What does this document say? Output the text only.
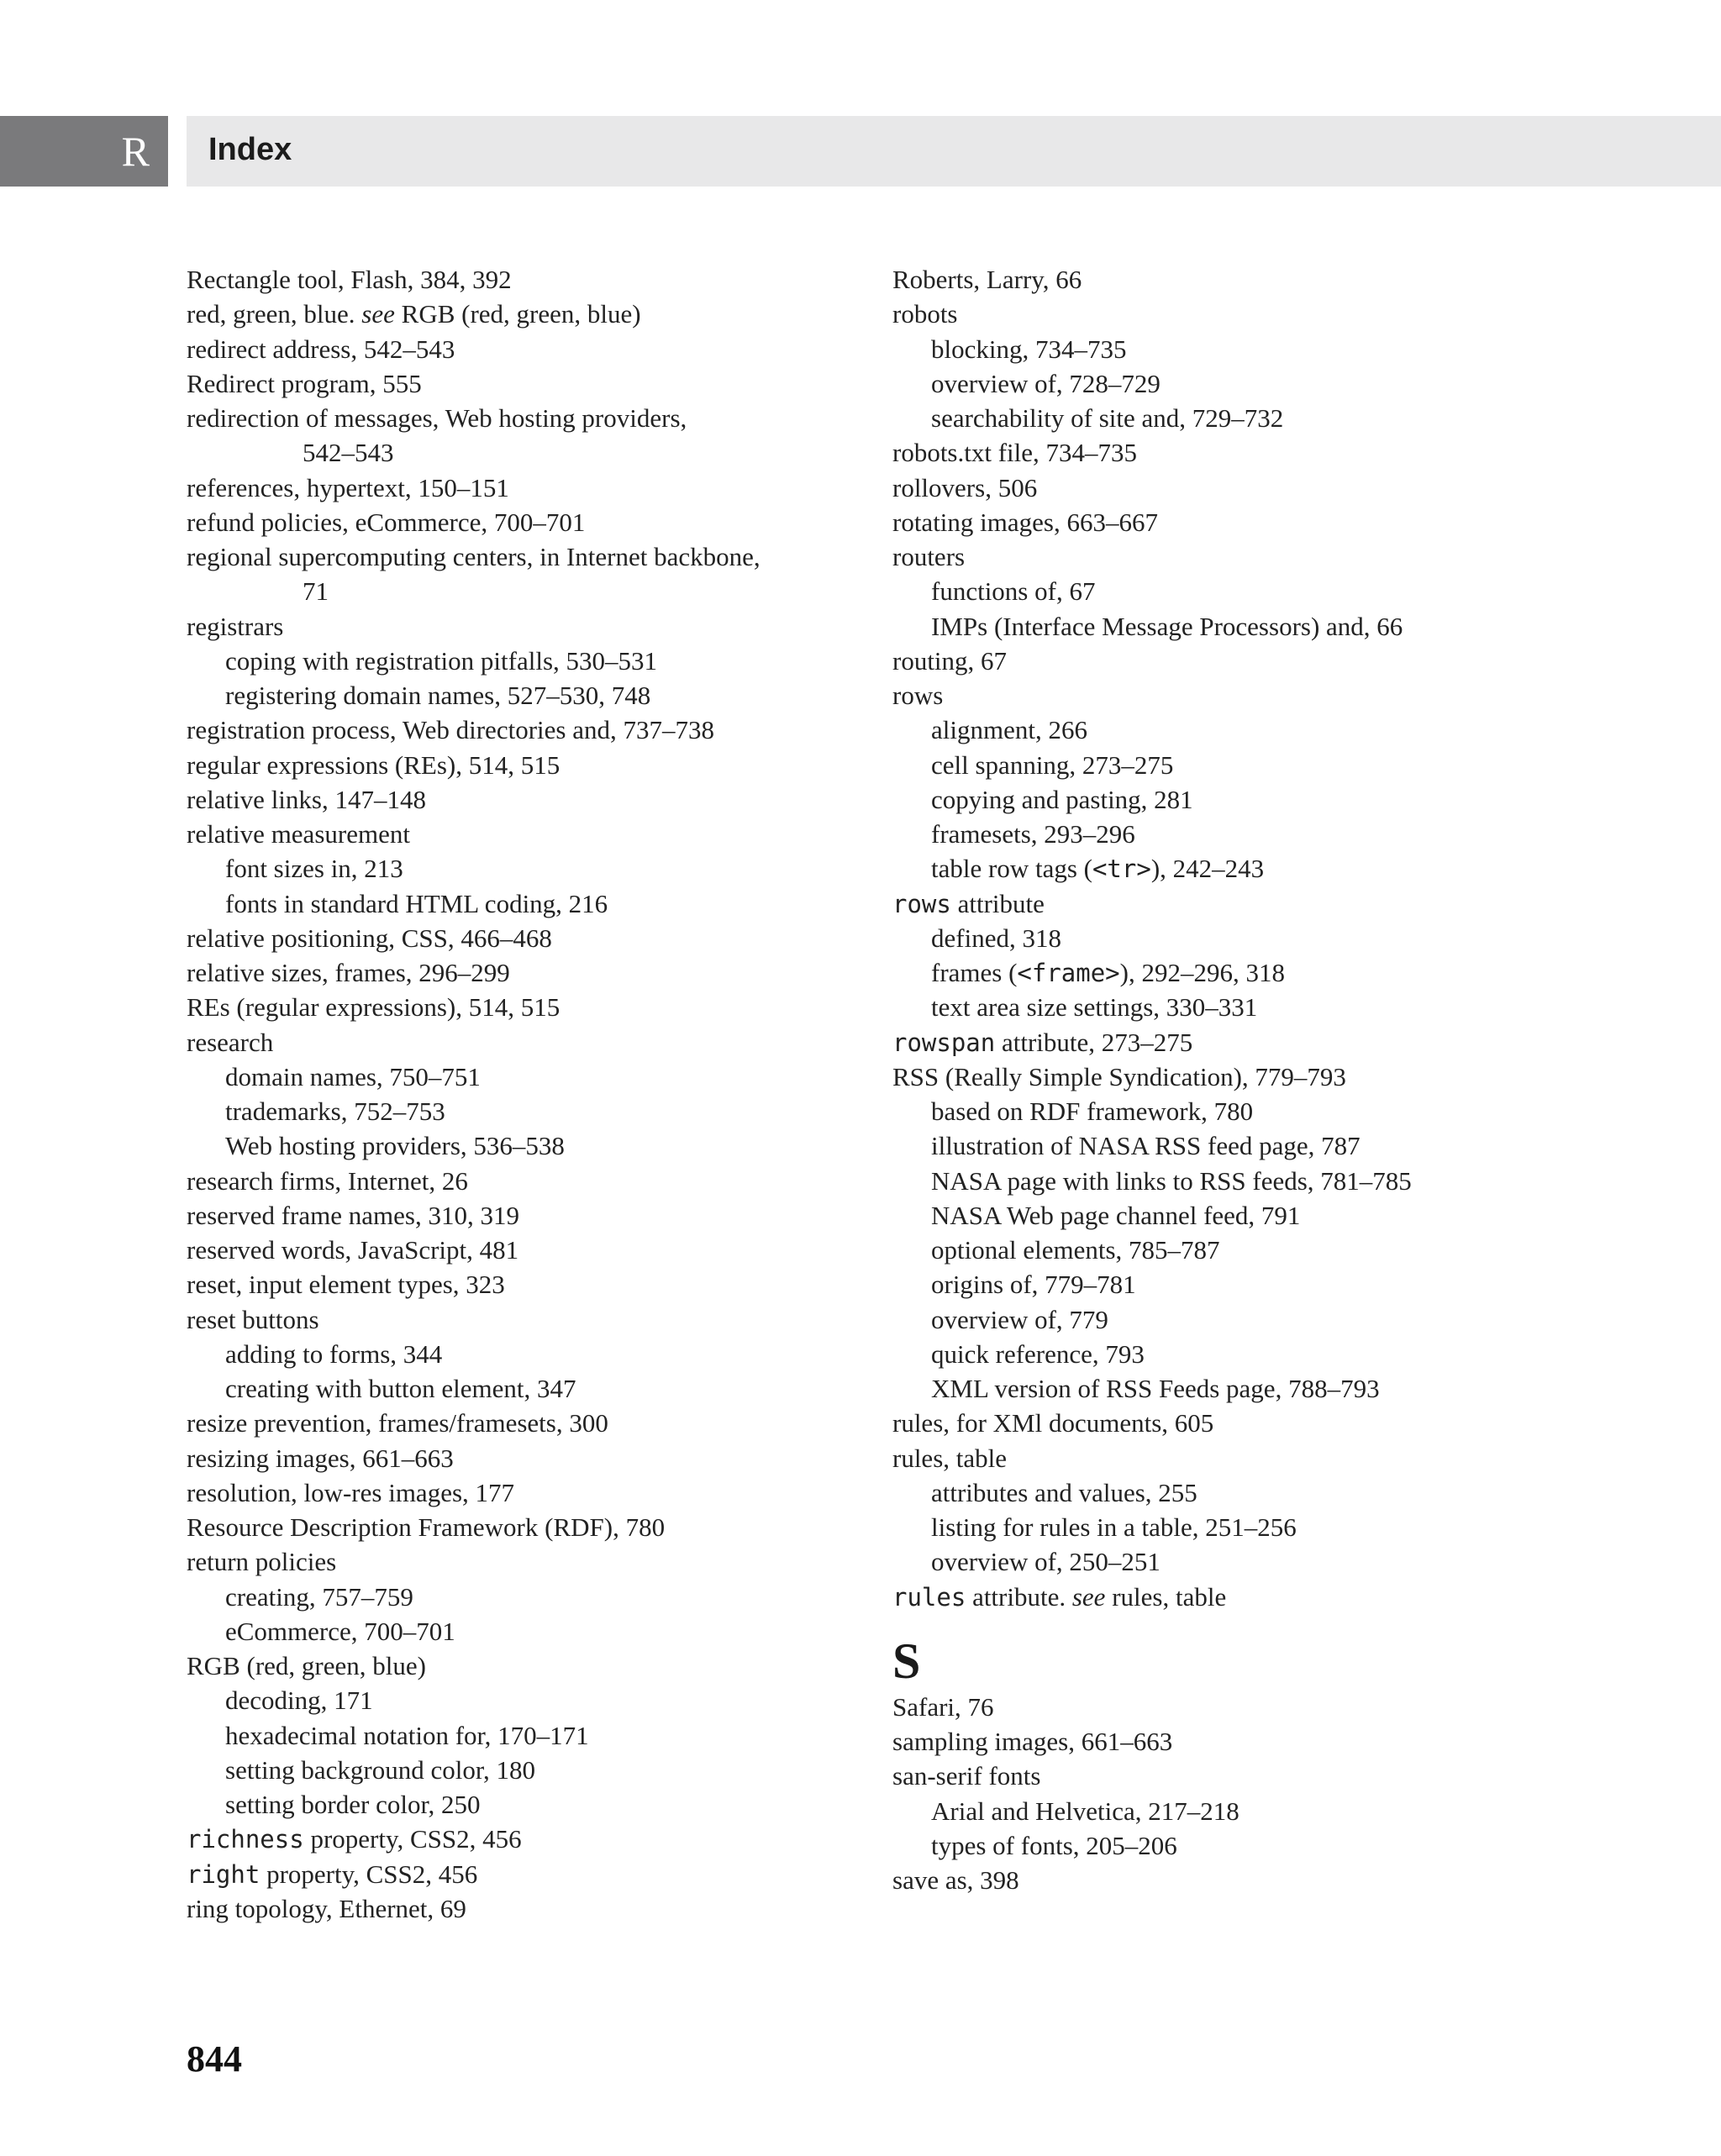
R Index
Rectangle tool, Flash, 384, 392
red, green, blue. see RGB (red, green, blue)
redirect address, 542–543
Redirect program, 555
redirection of messages, Web hosting providers,
542–543
references, hypertext, 150–151
refund policies, eCommerce, 700–701
regional supercomputing centers, in Internet backbone,
71
registrars
coping with registration pitfalls, 530–531
registering domain names, 527–530, 748
registration process, Web directories and, 737–738
regular expressions (REs), 514, 515
relative links, 147–148
relative measurement
font sizes in, 213
fonts in standard HTML coding, 216
relative positioning, CSS, 466–468
relative sizes, frames, 296–299
REs (regular expressions), 514, 515
research
domain names, 750–751
trademarks, 752–753
Web hosting providers, 536–538
research firms, Internet, 26
reserved frame names, 310, 319
reserved words, JavaScript, 481
reset, input element types, 323
reset buttons
adding to forms, 344
creating with button element, 347
resize prevention, frames/framesets, 300
resizing images, 661–663
resolution, low-res images, 177
Resource Description Framework (RDF), 780
return policies
creating, 757–759
eCommerce, 700–701
RGB (red, green, blue)
decoding, 171
hexadecimal notation for, 170–171
setting background color, 180
setting border color, 250
richness property, CSS2, 456
right property, CSS2, 456
ring topology, Ethernet, 69
Roberts, Larry, 66
robots
blocking, 734–735
overview of, 728–729
searchability of site and, 729–732
robots.txt file, 734–735
rollovers, 506
rotating images, 663–667
routers
functions of, 67
IMPs (Interface Message Processors) and, 66
routing, 67
rows
alignment, 266
cell spanning, 273–275
copying and pasting, 281
framesets, 293–296
table row tags (<tr>), 242–243
rows attribute
defined, 318
frames (<frame>), 292–296, 318
text area size settings, 330–331
rowspan attribute, 273–275
RSS (Really Simple Syndication), 779–793
based on RDF framework, 780
illustration of NASA RSS feed page, 787
NASA page with links to RSS feeds, 781–785
NASA Web page channel feed, 791
optional elements, 785–787
origins of, 779–781
overview of, 779
quick reference, 793
XML version of RSS Feeds page, 788–793
rules, for XMl documents, 605
rules, table
attributes and values, 255
listing for rules in a table, 251–256
overview of, 250–251
rules attribute. see rules, table
S
Safari, 76
sampling images, 661–663
san-serif fonts
Arial and Helvetica, 217–218
types of fonts, 205–206
save as, 398
844
